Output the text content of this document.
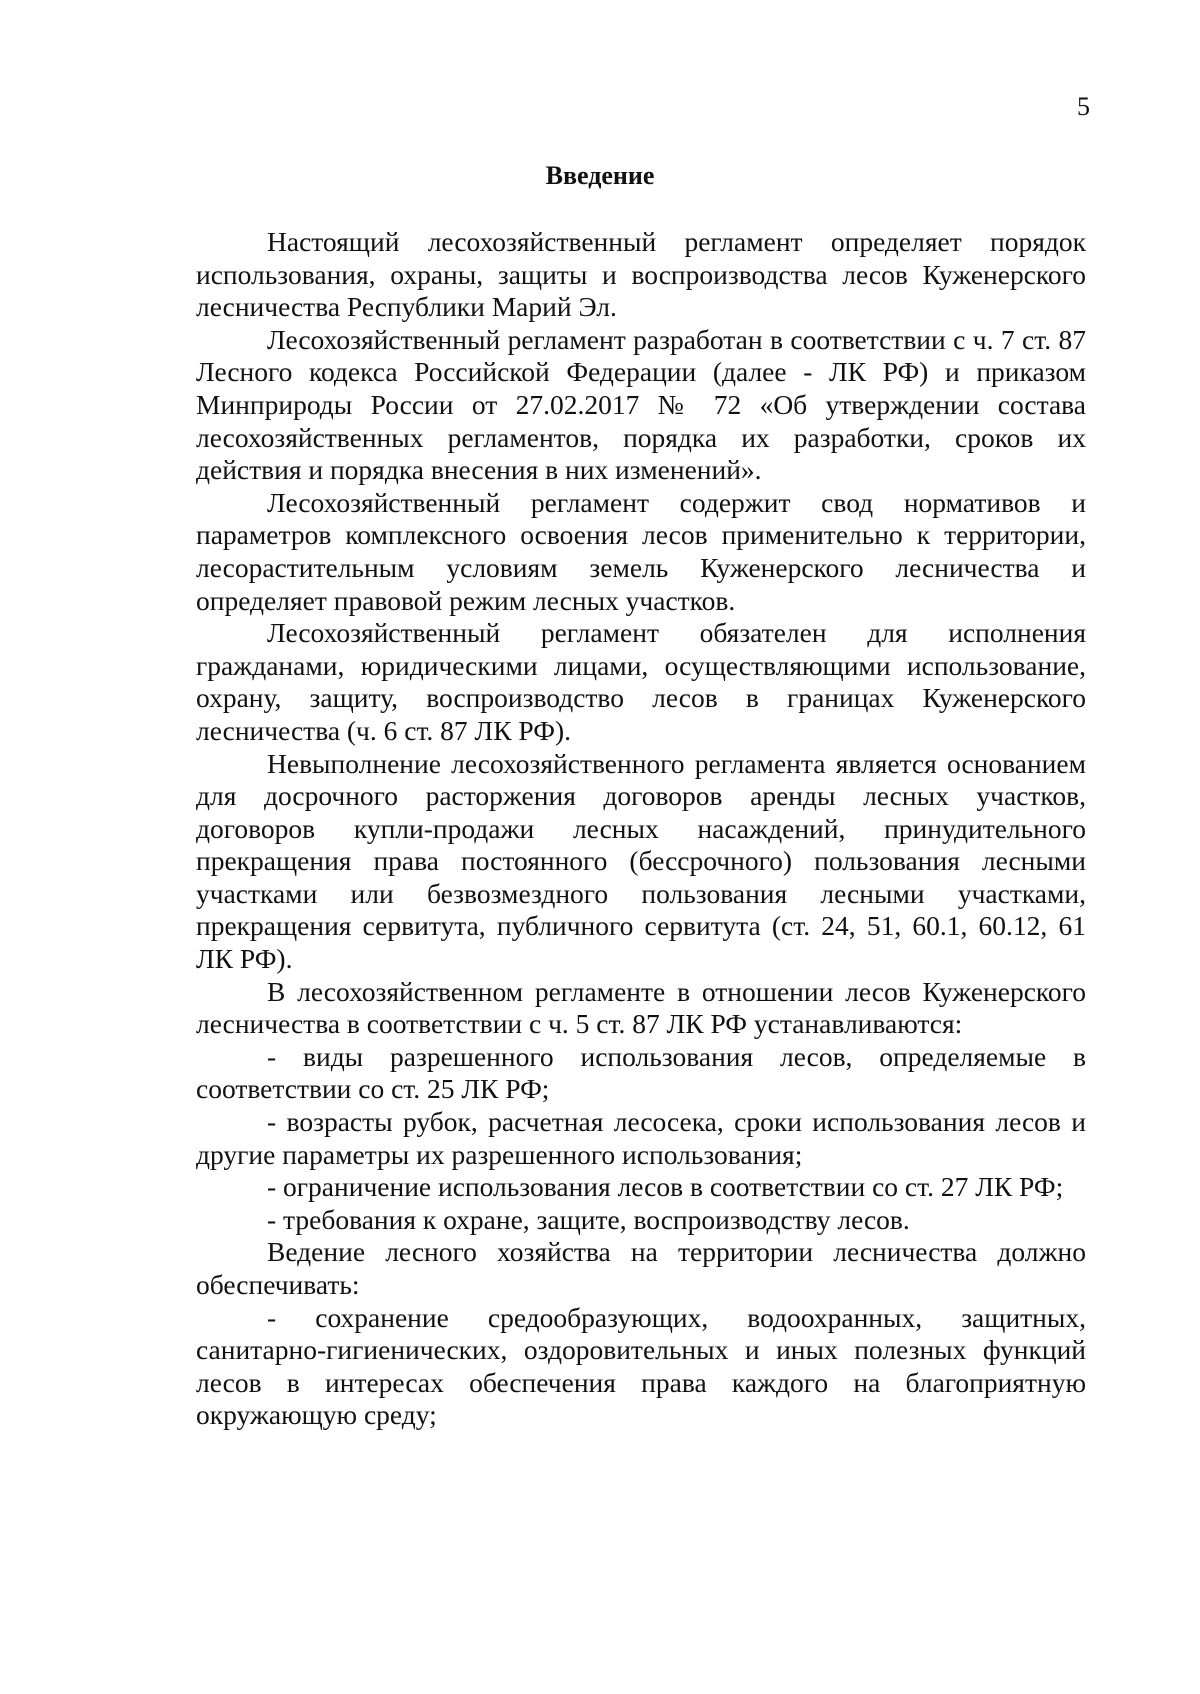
5
Введение

Настоящий лесохозяйственный регламент определяет порядок использования, охраны, защиты и воспроизводства лесов Куженерского лесничества Республики Марий Эл.

Лесохозяйственный регламент разработан в соответствии с ч. 7 ст. 87 Лесного кодекса Российской Федерации (далее - ЛК РФ) и приказом Минприроды России от 27.02.2017 № 72 «Об утверждении состава лесохозяйственных регламентов, порядка их разработки, сроков их действия и порядка внесения в них изменений».

Лесохозяйственный регламент содержит свод нормативов и параметров комплексного освоения лесов применительно к территории, лесорастительным условиям земель Куженерского лесничества и определяет правовой режим лесных участков.

Лесохозяйственный регламент обязателен для исполнения гражданами, юридическими лицами, осуществляющими использование, охрану, защиту, воспроизводство лесов в границах Куженерского лесничества (ч. 6 ст. 87 ЛК РФ).

Невыполнение лесохозяйственного регламента является основанием для досрочного расторжения договоров аренды лесных участков, договоров купли-продажи лесных насаждений, принудительного прекращения права постоянного (бессрочного) пользования лесными участками или безвозмездного пользования лесными участками, прекращения сервитута, публичного сервитута (ст. 24, 51, 60.1, 60.12, 61 ЛК РФ).

В лесохозяйственном регламенте в отношении лесов Куженерского лесничества в соответствии с ч. 5 ст. 87 ЛК РФ устанавливаются:

- виды разрешенного использования лесов, определяемые в соответствии со ст. 25 ЛК РФ;

- возрасты рубок, расчетная лесосека, сроки использования лесов и другие параметры их разрешенного использования;

- ограничение использования лесов в соответствии со ст. 27 ЛК РФ;

- требования к охране, защите, воспроизводству лесов.

Ведение лесного хозяйства на территории лесничества должно обеспечивать:

- сохранение средообразующих, водоохранных, защитных, санитарно-гигиенических, оздоровительных и иных полезных функций лесов в интересах обеспечения права каждого на благоприятную окружающую среду;
